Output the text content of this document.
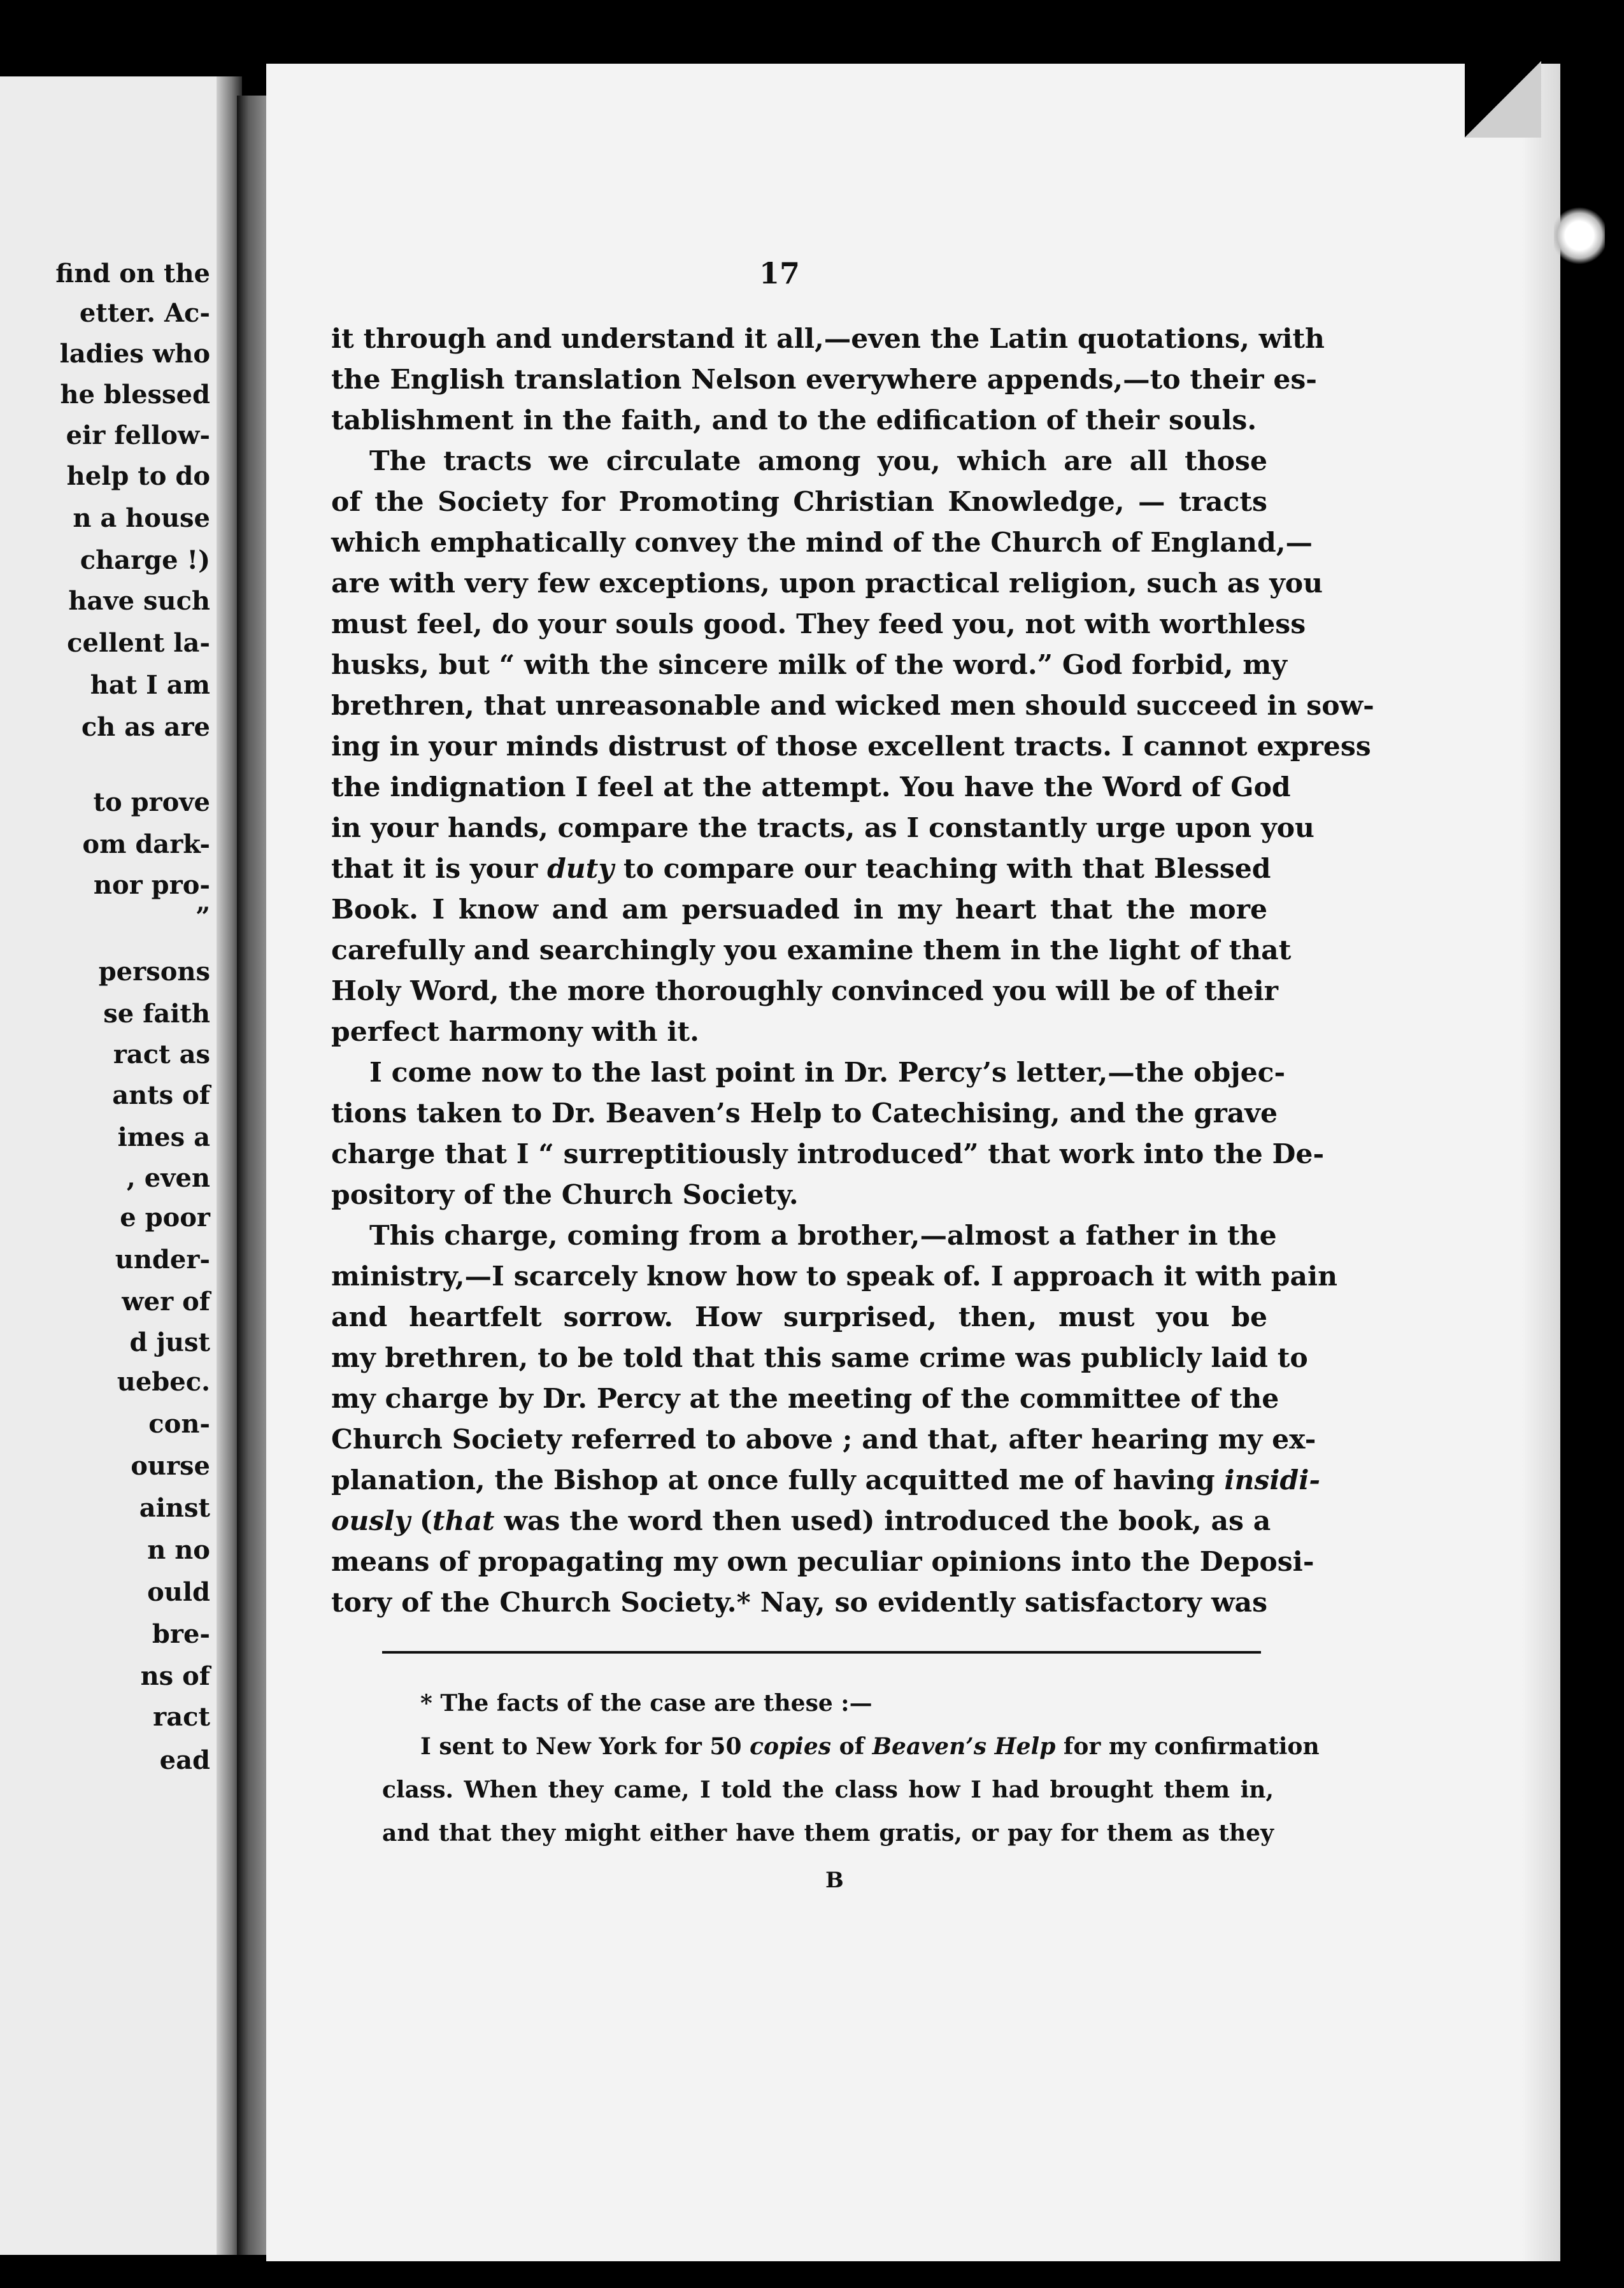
find on the
etter. Ac-
ladies who
he blessed
eir fellow-
help to do
n a house
charge !)
have such
cellent la-
hat I am
ch as are
to prove
om dark-
nor pro-
”
persons
se faith
ract as
ants of
imes a
, even
e poor
under-
wer of
d just
uebec.
con-
ourse
ainst
n no
ould
bre-
ns of
ract
ead
17
it through and understand it all,—even the Latin quotations, with
the English translation Nelson everywhere appends,—to their es-
tablishment in the faith, and to the edification of their souls.
The tracts we circulate among you, which are all those
of the Society for Promoting Christian Knowledge, — tracts
which emphatically convey the mind of the Church of England,—
are with very few exceptions, upon practical religion, such as you
must feel, do your souls good. They feed you, not with worthless
husks, but “ with the sincere milk of the word.” God forbid, my
brethren, that unreasonable and wicked men should succeed in sow-
ing in your minds distrust of those excellent tracts. I cannot express
the indignation I feel at the attempt. You have the Word of God
in your hands, compare the tracts, as I constantly urge upon you
that it is your duty to compare our teaching with that Blessed
Book. I know and am persuaded in my heart that the more
carefully and searchingly you examine them in the light of that
Holy Word, the more thoroughly convinced you will be of their
perfect harmony with it.
I come now to the last point in Dr. Percy’s letter,—the objec-
tions taken to Dr. Beaven’s Help to Catechising, and the grave
charge that I “ surreptitiously introduced” that work into the De-
pository of the Church Society.
This charge, coming from a brother,—almost a father in the
ministry,—I scarcely know how to speak of. I approach it with pain
and heartfelt sorrow. How surprised, then, must you be
my brethren, to be told that this same crime was publicly laid to
my charge by Dr. Percy at the meeting of the committee of the
Church Society referred to above ; and that, after hearing my ex-
planation, the Bishop at once fully acquitted me of having insidi-
ously (that was the word then used) introduced the book, as a
means of propagating my own peculiar opinions into the Deposi-
tory of the Church Society.* Nay, so evidently satisfactory was
* The facts of the case are these :—
I sent to New York for 50 copies of Beaven’s Help for my confirmation
class. When they came, I told the class how I had brought them in,
and that they might either have them gratis, or pay for them as they
B
